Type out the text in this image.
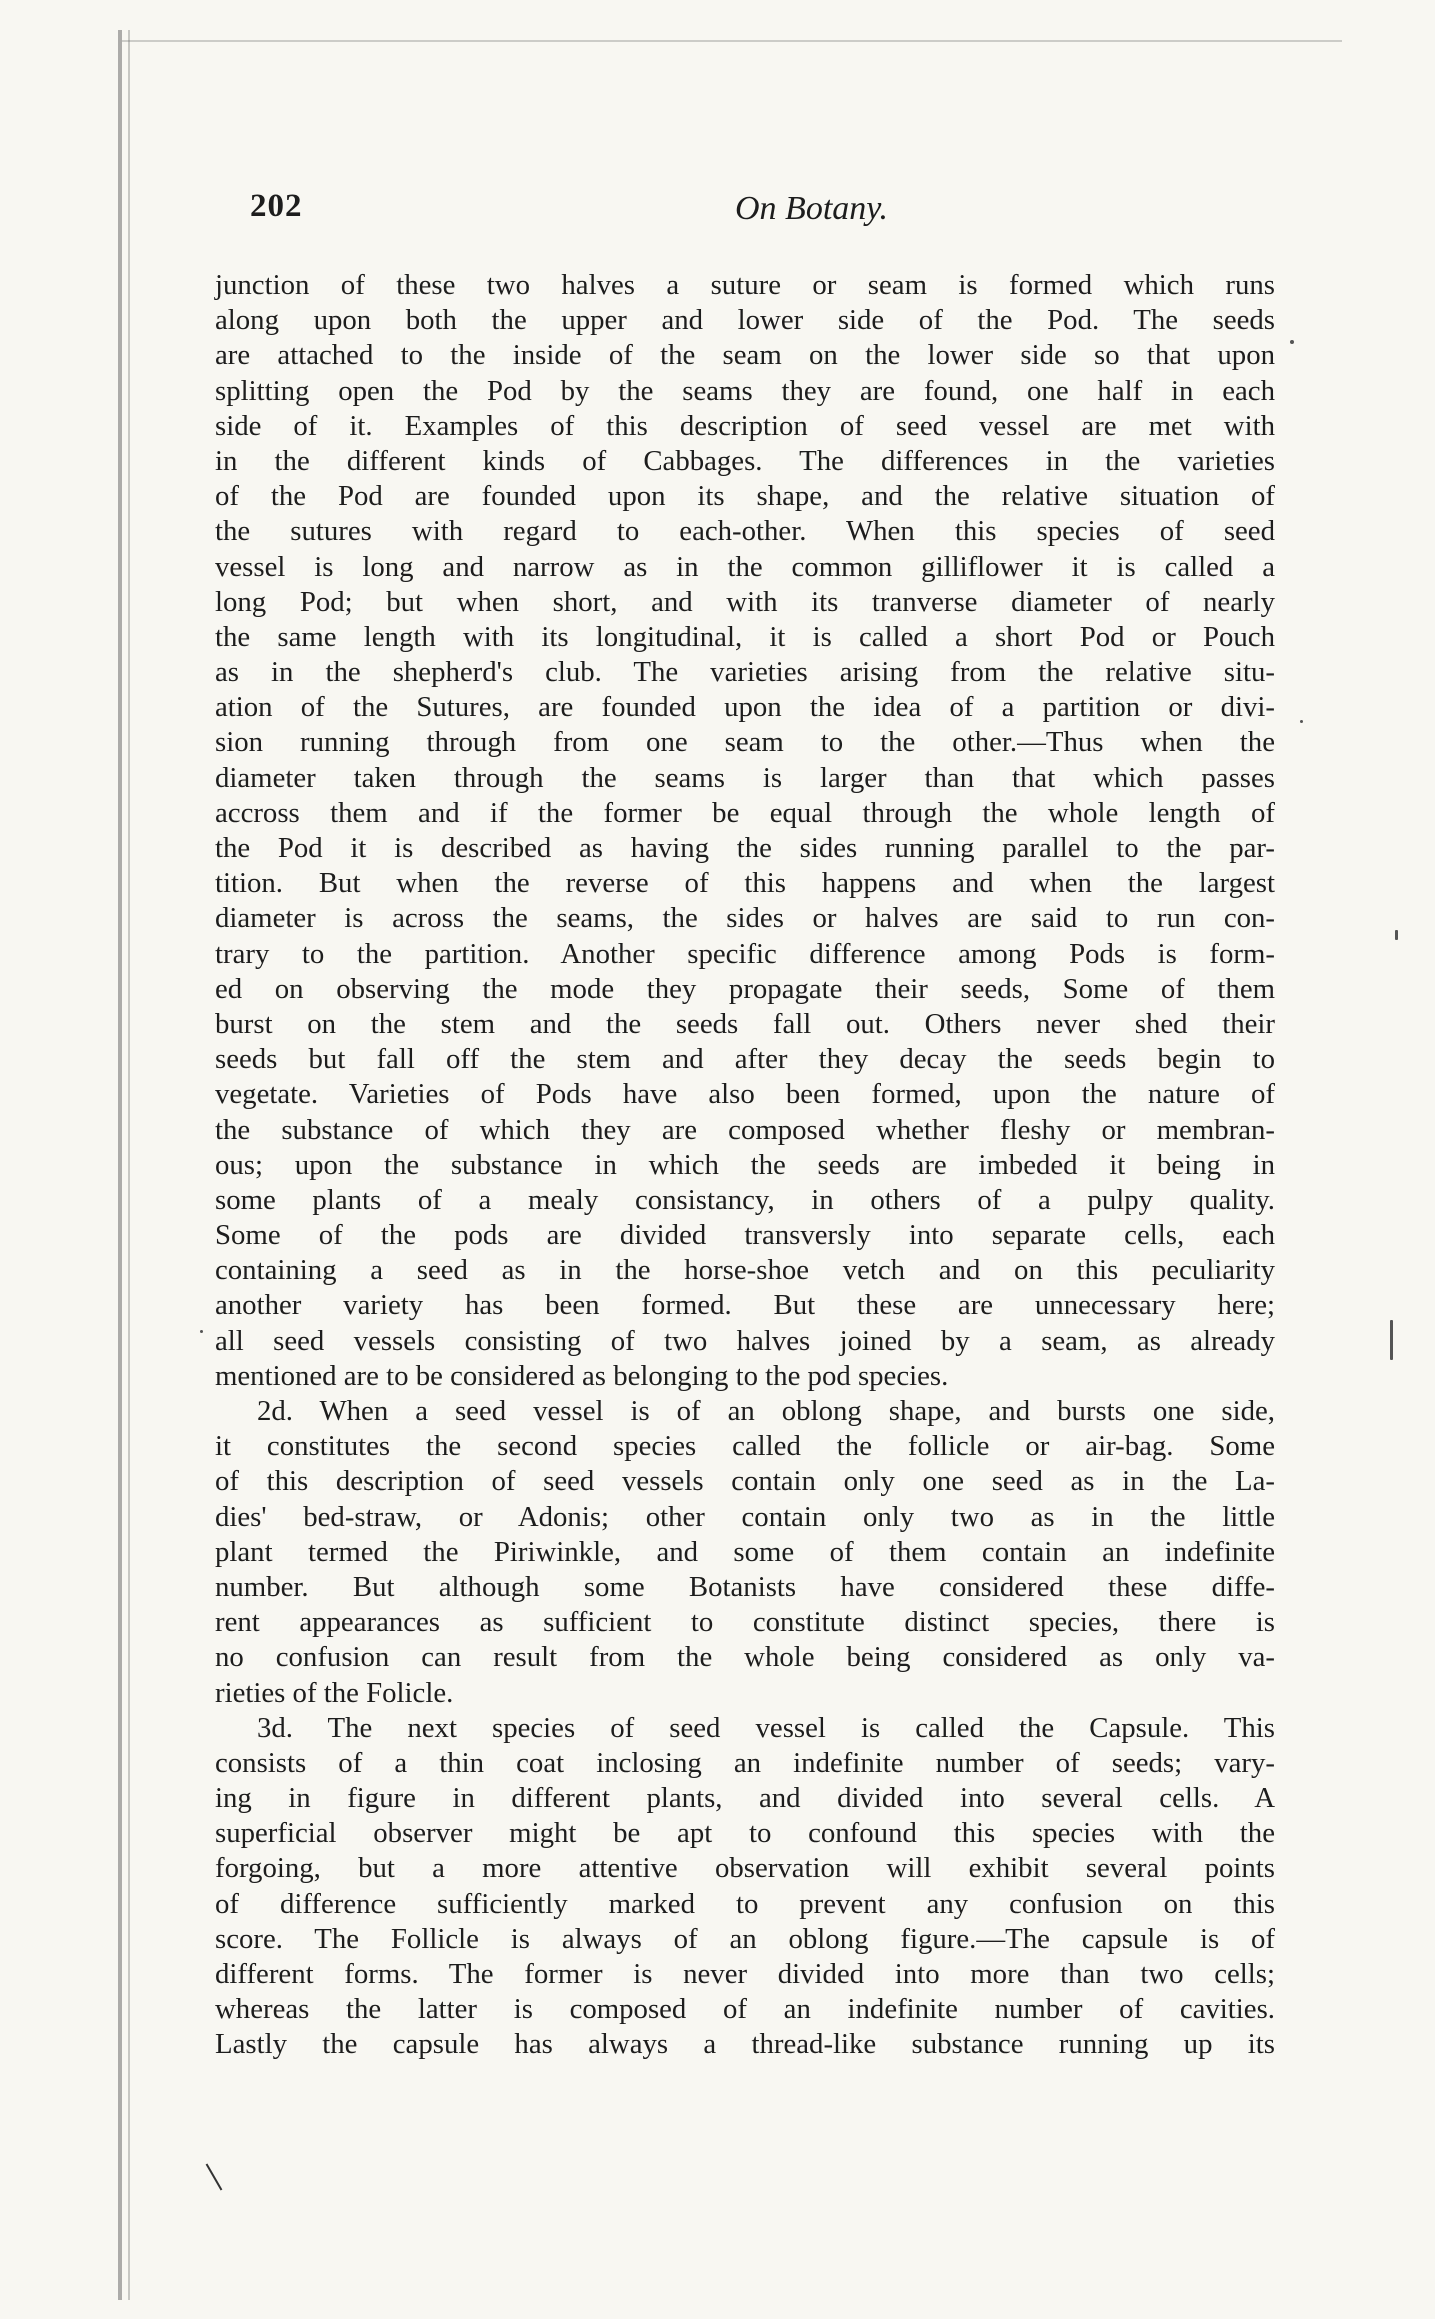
202	On Botany.
junction of these two halves a suture or seam is formed which runs
along upon both the upper and lower side of the Pod. The seeds
are attached to the inside of the seam on the lower side so that upon
splitting open the Pod by the seams they are found, one half in each
side of it. Examples of this description of seed vessel are met with
in the different kinds of Cabbages. The differences in the varieties
of the Pod are founded upon its shape, and the relative situation of
the sutures with regard to each-other. When this species of seed
vessel is long and narrow as in the common gilliflower it is called a
long Pod; but when short, and with its tranverse diameter of nearly
the same length with its longitudinal, it is called a short Pod or Pouch
as in the shepherd's club. The varieties arising from the relative situ-
ation of the Sutures, are founded upon the idea of a partition or divi-
sion running through from one seam to the other.—Thus when the
diameter taken through the seams is larger than that which passes
accross them and if the former be equal through the whole length of
the Pod it is described as having the sides running parallel to the par-
tition. But when the reverse of this happens and when the largest
diameter is across the seams, the sides or halves are said to run con-
trary to the partition. Another specific difference among Pods is form-
ed on observing the mode they propagate their seeds, Some of them
burst on the stem and the seeds fall out. Others never shed their
seeds but fall off the stem and after they decay the seeds begin to
vegetate. Varieties of Pods have also been formed, upon the nature of
the substance of which they are composed whether fleshy or membran-
ous; upon the substance in which the seeds are imbeded it being in
some plants of a mealy consistancy, in others of a pulpy quality.
Some of the pods are divided transversly into separate cells, each
containing a seed as in the horse-shoe vetch and on this peculiarity
another variety has been formed. But these are unnecessary here;
all seed vessels consisting of two halves joined by a seam, as already
mentioned are to be considered as belonging to the pod species.
2d. When a seed vessel is of an oblong shape, and bursts one side,
it constitutes the second species called the follicle or air-bag. Some
of this description of seed vessels contain only one seed as in the La-
dies' bed-straw, or Adonis; other contain only two as in the little
plant termed the Piriwinkle, and some of them contain an indefinite
number. But although some Botanists have considered these diffe-
rent appearances as sufficient to constitute distinct species, there is
no confusion can result from the whole being considered as only va-
rieties of the Folicle.
3d. The next species of seed vessel is called the Capsule. This
consists of a thin coat inclosing an indefinite number of seeds; vary-
ing in figure in different plants, and divided into several cells. A
superficial observer might be apt to confound this species with the
forgoing, but a more attentive observation will exhibit several points
of difference sufficiently marked to prevent any confusion on this
score. The Follicle is always of an oblong figure.—The capsule is of
different forms. The former is never divided into more than two cells;
whereas the latter is composed of an indefinite number of cavities.
Lastly the capsule has always a thread-like substance running up its
